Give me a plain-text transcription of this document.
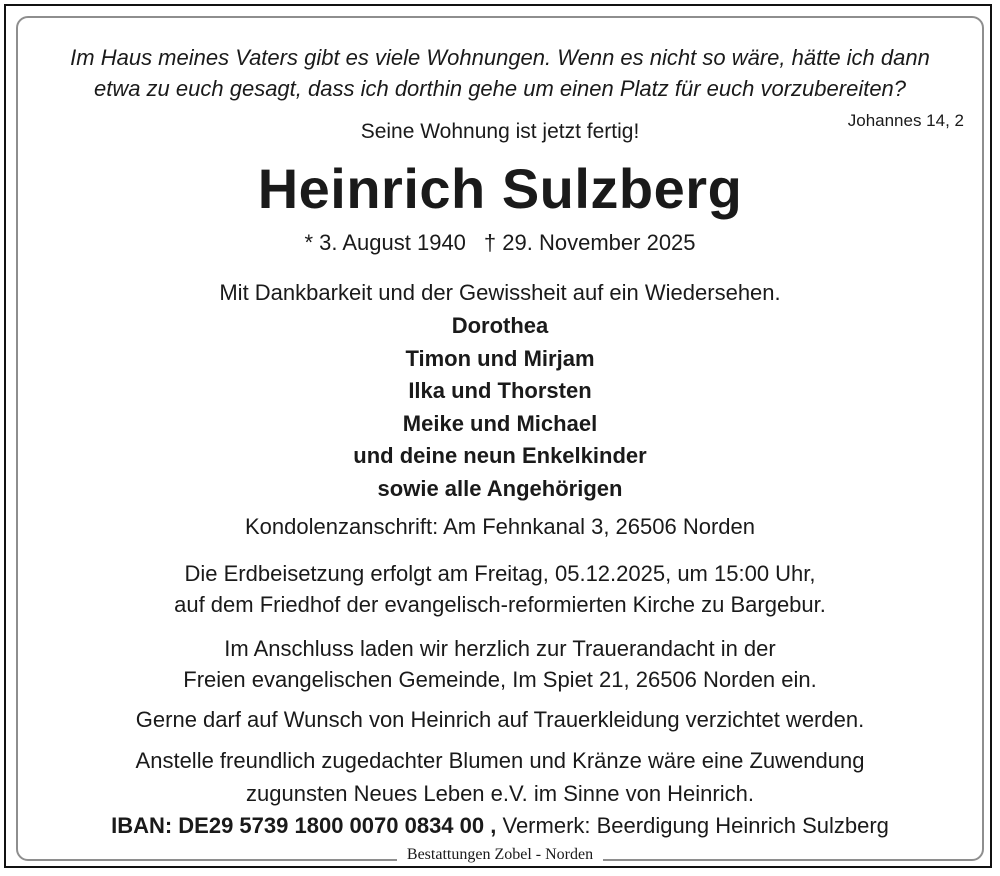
Im Haus meines Vaters gibt es viele Wohnungen. Wenn es nicht so wäre, hätte ich dann
etwa zu euch gesagt, dass ich dorthin gehe um einen Platz für euch vorzubereiten?
Johannes 14, 2
Seine Wohnung ist jetzt fertig!
Heinrich Sulzberg
* 3. August 1940 † 29. November 2025
Mit Dankbarkeit und der Gewissheit auf ein Wiedersehen.
Dorothea
Timon und Mirjam
Ilka und Thorsten
Meike und Michael
und deine neun Enkelkinder
sowie alle Angehörigen
Kondolenzanschrift: Am Fehnkanal 3, 26506 Norden
Die Erdbeisetzung erfolgt am Freitag, 05.12.2025, um 15:00 Uhr,
auf dem Friedhof der evangelisch-reformierten Kirche zu Bargebur.
Im Anschluss laden wir herzlich zur Trauerandacht in der
Freien evangelischen Gemeinde, Im Spiet 21, 26506 Norden ein.
Gerne darf auf Wunsch von Heinrich auf Trauerkleidung verzichtet werden.
Anstelle freundlich zugedachter Blumen und Kränze wäre eine Zuwendung
zugunsten Neues Leben e.V. im Sinne von Heinrich.
IBAN: DE29 5739 1800 0070 0834 00 , Vermerk: Beerdigung Heinrich Sulzberg
Bestattungen Zobel - Norden
